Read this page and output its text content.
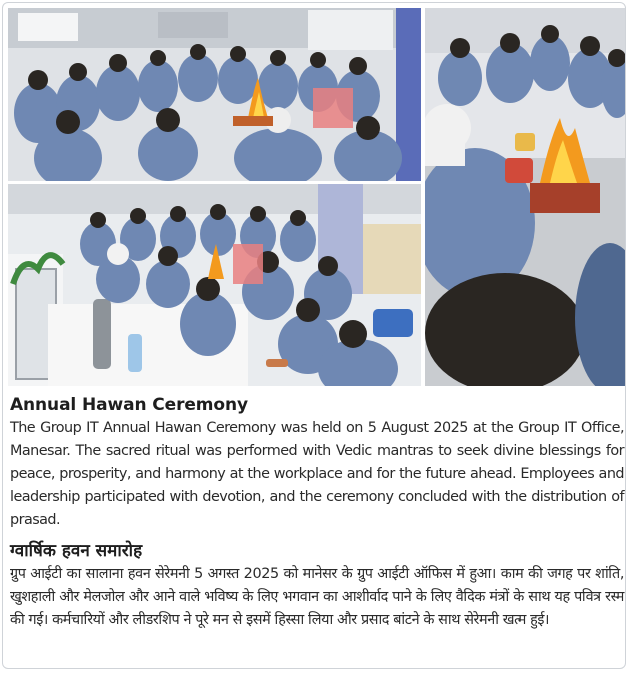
Annual Hawan Ceremony

The Group IT Annual Hawan Ceremony was held on 5 August 2025 at the Group IT Office, Manesar. The sacred ritual was performed with Vedic mantras to seek divine blessings for peace, prosperity, and harmony at the workplace and for the future ahead. Employees and leadership participated with devotion, and the ceremony concluded with the distribution of prasad.

ग्वार्षिक हवन समारोह

ग्रुप आईटी का सालाना हवन सेरेमनी 5 अगस्त 2025 को मानेसर के ग्रुप आईटी ऑफिस में हुआ। काम की जगह पर शांति, खुशहाली और मेलजोल और आने वाले भविष्य के लिए भगवान का आशीर्वाद पाने के लिए वैदिक मंत्रों के साथ यह पवित्र रस्म की गई। कर्मचारियों और लीडरशिप ने पूरे मन से इसमें हिस्सा लिया और प्रसाद बांटने के साथ सेरेमनी खत्म हुई।
